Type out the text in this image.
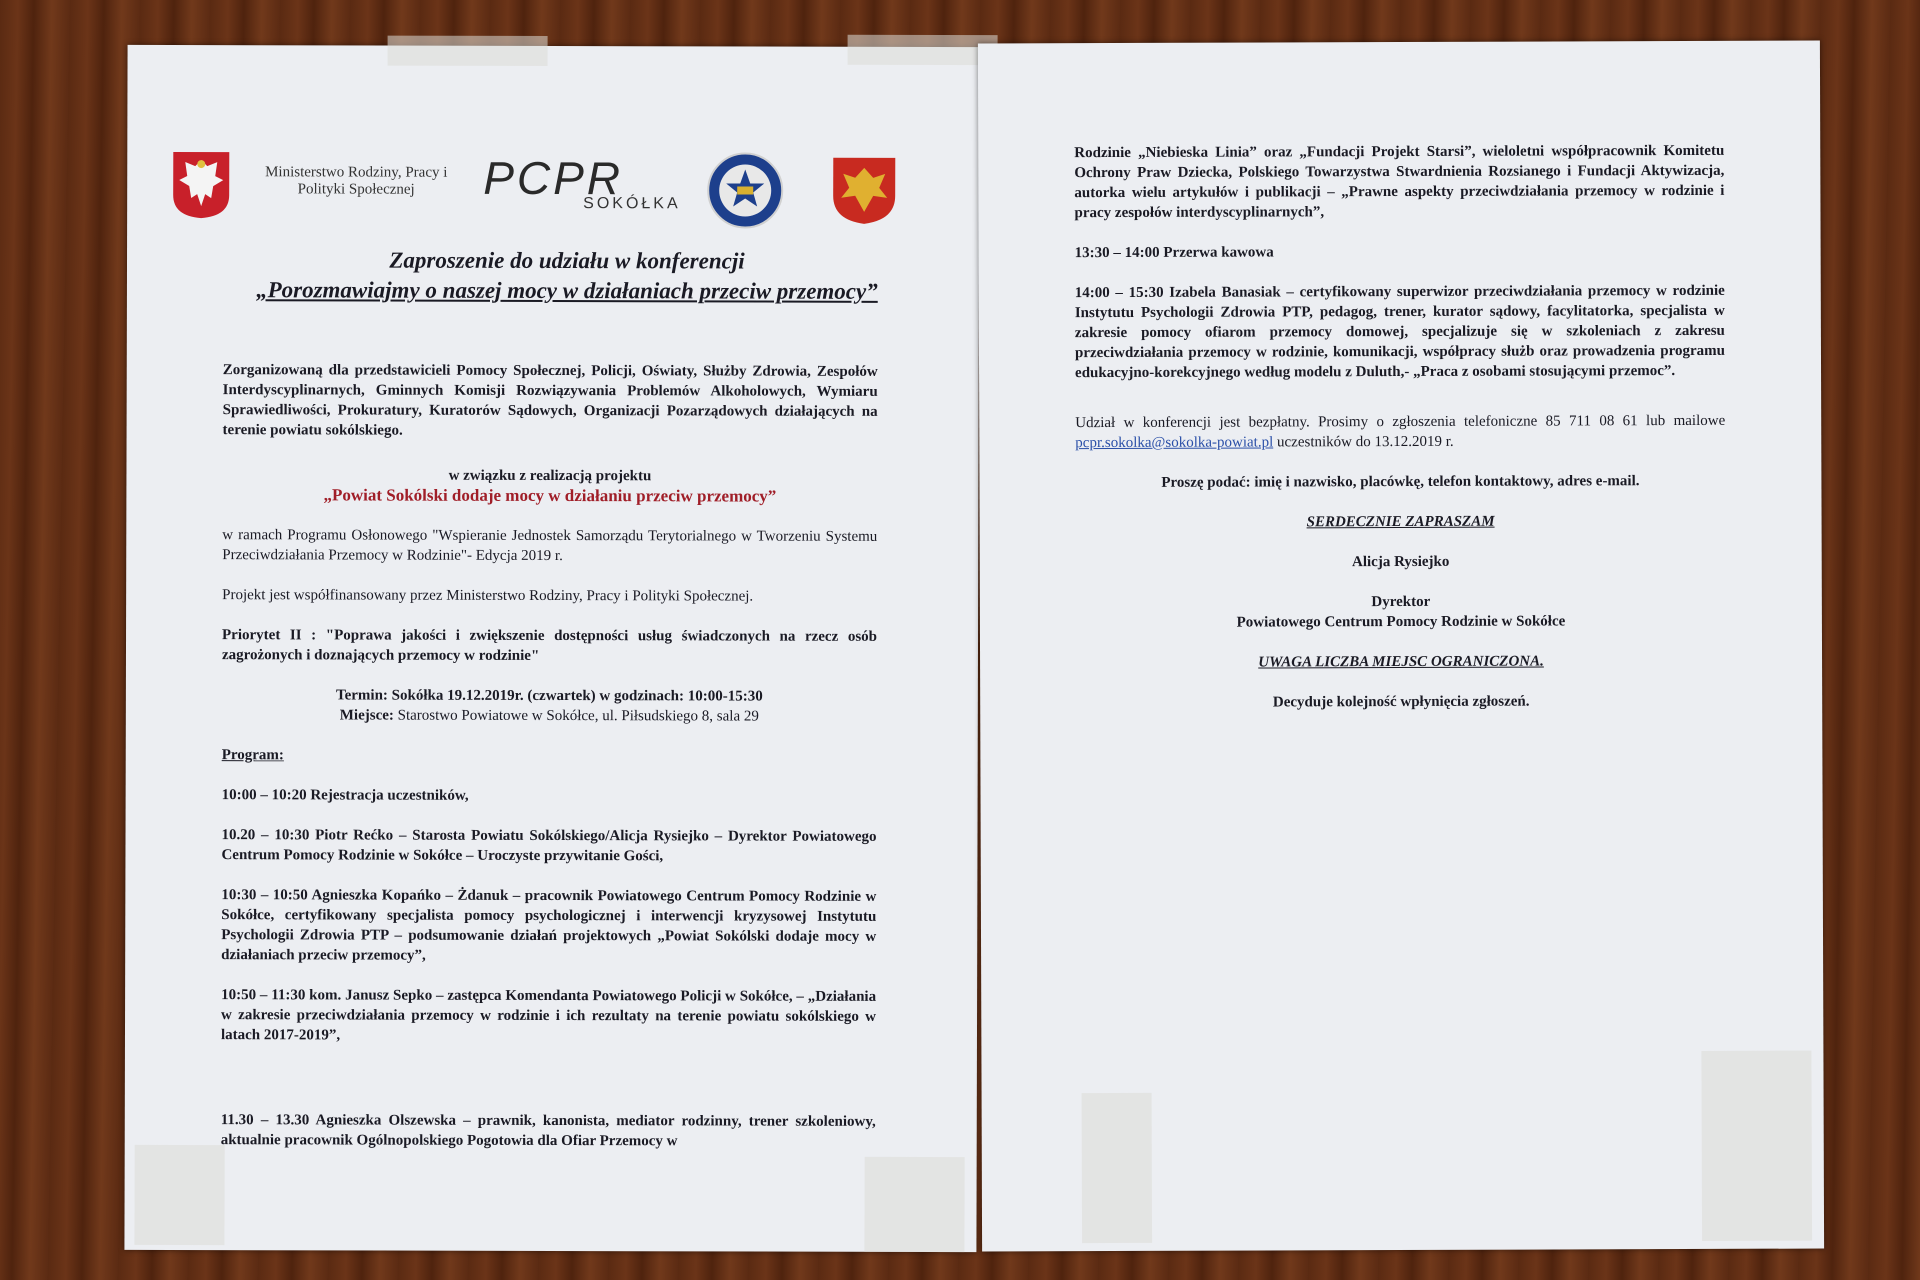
Ministerstwo Rodziny, Pracy i Polityki Społecznej	PCPR
SOKÓŁKA
Zaproszenie do udziału w konferencji
„Porozmawiajmy o naszej mocy w działaniach przeciw przemocy”
Zorganizowaną dla przedstawicieli Pomocy Społecznej, Policji, Oświaty, Służby Zdrowia, Zespołów Interdyscyplinarnych, Gminnych Komisji Rozwiązywania Problemów Alkoholowych, Wymiaru Sprawiedliwości, Prokuratury, Kuratorów Sądowych, Organizacji Pozarządowych działających na terenie powiatu sokólskiego.
w związku z realizacją projektu
„Powiat Sokólski dodaje mocy w działaniu przeciw przemocy”
w ramach Programu Osłonowego "Wspieranie Jednostek Samorządu Terytorialnego w Tworzeniu Systemu Przeciwdziałania Przemocy w Rodzinie"- Edycja 2019 r.
Projekt jest współfinansowany przez Ministerstwo Rodziny, Pracy i Polityki Społecznej.
Priorytet II : "Poprawa jakości i zwiększenie dostępności usług świadczonych na rzecz osób zagrożonych i doznających przemocy w rodzinie"
Termin: Sokółka 19.12.2019r. (czwartek) w godzinach: 10:00-15:30
Miejsce: Starostwo Powiatowe w Sokółce, ul. Piłsudskiego 8, sala 29
Program:
10:00 – 10:20 Rejestracja uczestników,
10.20 – 10:30 Piotr Rećko – Starosta Powiatu Sokólskiego/Alicja Rysiejko – Dyrektor Powiatowego Centrum Pomocy Rodzinie w Sokółce – Uroczyste przywitanie Gości,
10:30 – 10:50 Agnieszka Kopańko – Żdanuk – pracownik Powiatowego Centrum Pomocy Rodzinie w Sokółce, certyfikowany specjalista pomocy psychologicznej i interwencji kryzysowej Instytutu Psychologii Zdrowia PTP – podsumowanie działań projektowych „Powiat Sokólski dodaje mocy w działaniach przeciw przemocy”,
10:50 – 11:30 kom. Janusz Sepko – zastępca Komendanta Powiatowego Policji w Sokółce, – „Działania w zakresie przeciwdziałania przemocy w rodzinie i ich rezultaty na terenie powiatu sokólskiego w latach 2017-2019”,
11.30 – 13.30 Agnieszka Olszewska – prawnik, kanonista, mediator rodzinny, trener szkoleniowy, aktualnie pracownik Ogólnopolskiego Pogotowia dla Ofiar Przemocy w
Rodzinie „Niebieska Linia” oraz „Fundacji Projekt Starsi”, wieloletni współpracownik Komitetu Ochrony Praw Dziecka, Polskiego Towarzystwa Stwardnienia Rozsianego i Fundacji Aktywizacja, autorka wielu artykułów i publikacji – „Prawne aspekty przeciwdziałania przemocy w rodzinie i pracy zespołów interdyscyplinarnych”,
13:30 – 14:00 Przerwa kawowa
14:00 – 15:30 Izabela Banasiak – certyfikowany superwizor przeciwdziałania przemocy w rodzinie Instytutu Psychologii Zdrowia PTP, pedagog, trener, kurator sądowy, facylitatorka, specjalista w zakresie pomocy ofiarom przemocy domowej, specjalizuje się w szkoleniach z zakresu przeciwdziałania przemocy w rodzinie, komunikacji, współpracy służb oraz prowadzenia programu edukacyjno-korekcyjnego według modelu z Duluth,- „Praca z osobami stosującymi przemoc”.
Udział w konferencji jest bezpłatny. Prosimy o zgłoszenia telefoniczne 85 711 08 61 lub mailowe pcpr.sokolka@sokolka-powiat.pl uczestników do 13.12.2019 r.
Proszę podać: imię i nazwisko, placówkę, telefon kontaktowy, adres e-mail.
SERDECZNIE ZAPRASZAM
Alicja Rysiejko
Dyrektor
Powiatowego Centrum Pomocy Rodzinie w Sokółce
UWAGA LICZBA MIEJSC OGRANICZONA.
Decyduje kolejność wpłynięcia zgłoszeń.
